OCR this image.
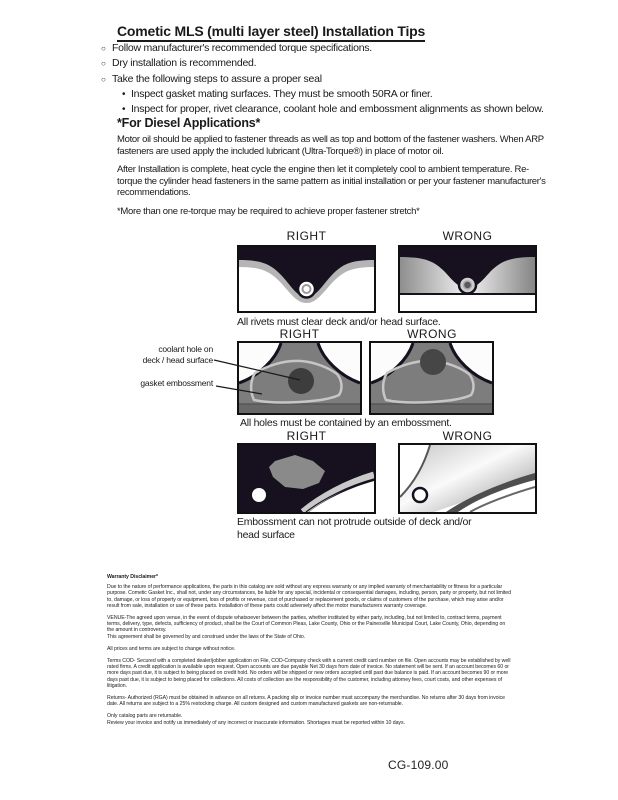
Cometic MLS (multi layer steel) Installation Tips
○ Follow manufacturer's recommended torque specifications.
○ Dry installation is recommended.
○ Take the following steps to assure a proper seal
• Inspect gasket mating surfaces. They must be smooth 50RA or finer.
• Inspect for proper, rivet clearance, coolant hole and embossment alignments as shown below.
*For Diesel Applications*
Motor oil should be applied to fastener threads as well as top and bottom of the fastener washers. When ARP fasteners are used apply the included lubricant (Ultra-Torque®) in place of motor oil.
After Installation is complete, heat cycle the engine then let it completely cool to ambient temperature. Re-torque the cylinder head fasteners in the same pattern as initial installation or per your fastener manufacturer's recommendations.
*More than one re-torque may be required to achieve proper fastener stretch*
RIGHT	WRONG
All rivets must clear deck and/or head surface.
RIGHT	WRONG
coolant hole on
deck / head surface
gasket embossment
All holes must be contained by an embossment.
RIGHT	WRONG
Embossment can not protrude outside of deck and/or head surface

Warranty Disclaimer*

Due to the nature of performance applications, the parts in this catalog are sold without any express warranty or any implied warranty of merchantability or fitness for a particular purpose. Cometic Gasket Inc., shall not, under any circumstances, be liable for any special, incidental or consequential damages, including, person, party or property, but not limited to, damage, or loss of property or equipment, loss of profits or revenue, cost of purchased or replacement goods, or claims of customers of the purchase, which may arise and/or result from sale, installation or use of these parts. Installation of these parts could adversely affect the motor manufacturers warranty coverage.

VENUE-The agreed upon venue, in the event of dispute whatsoever between the parties, whether instituted by either party, including, but not limited to, contract terms, payment terms, delivery, type, defects, sufficiency of product, shall be the Court of Common Pleas, Lake County, Ohio or the Painesville Municipal Court, Lake County, Ohio, depending on the amount in controversy.

This agreement shall be governed by and construed under the laws of the State of Ohio.

All prices and terms are subject to change without notice.

Terms COD- Secured with a completed dealer/jobber application on File, COD-Company check with a current credit card number on file. Open accounts may be established by well rated firms. A credit application is available upon request. Open accounts are due payable Net 30 days from date of invoice. No statement will be sent. If an account becomes 60 or more days past due, it is subject to being placed on credit hold. No orders will be shipped or new orders accepted until past due balance is paid. If an account becomes 90 or more days past due, it is subject to being placed for collections. All costs of collection are the responsibility of the customer, including attorney fees, court costs, and other expenses of litigation.

Returns- Authorized (RGA) must be obtained in advance on all returns. A packing slip or invoice number must accompany the merchandise. No returns after 30 days from invoice date. All returns are subject to a 25% restocking charge. All custom designed and custom manufactured gaskets are non-returnable.

Only catalog parts are returnable.

Review your invoice and notify us immediately of any incorrect or inaccurate information. Shortages must be reported within 10 days.

CG-109.00
